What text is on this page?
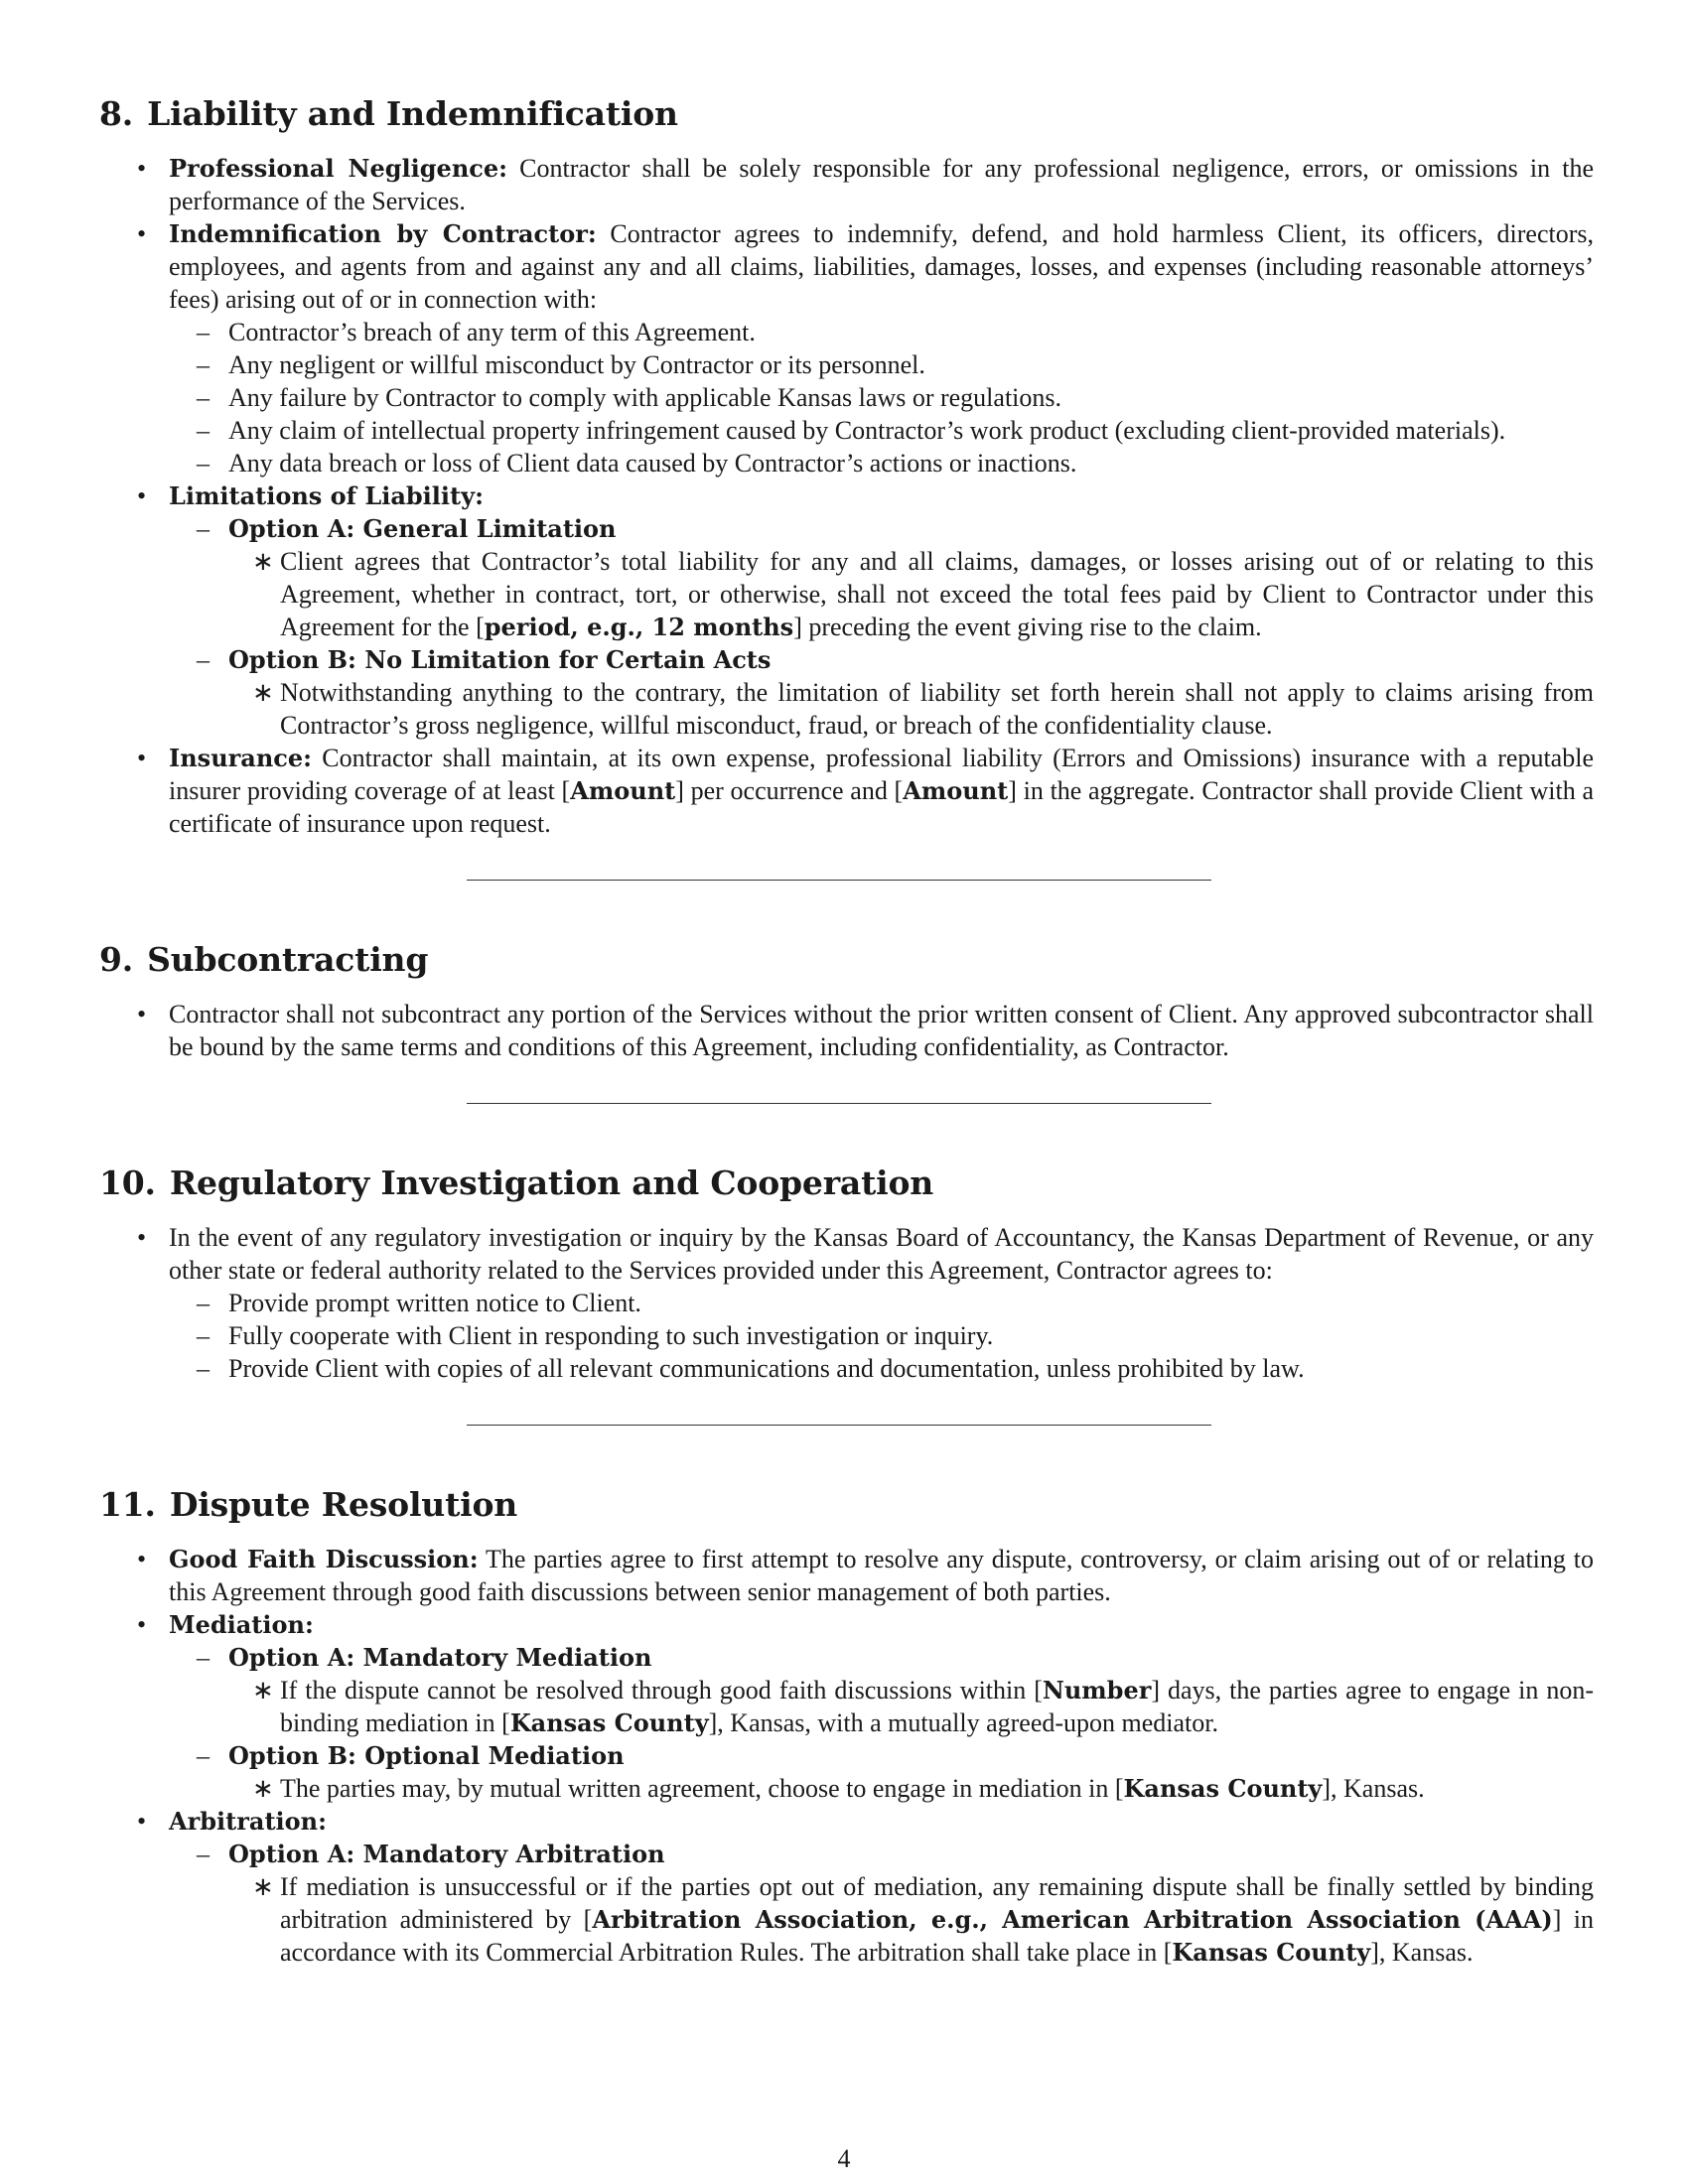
8. Liability and Indemnification
• Professional Negligence: Contractor shall be solely responsible for any professional negligence, errors, or omissions in the performance of the Services.
• Indemnification by Contractor: Contractor agrees to indemnify, defend, and hold harmless Client, its officers, directors, employees, and agents from and against any and all claims, liabilities, damages, losses, and expenses (including reasonable attorneys’ fees) arising out of or in connection with:
– Contractor’s breach of any term of this Agreement.
– Any negligent or willful misconduct by Contractor or its personnel.
– Any failure by Contractor to comply with applicable Kansas laws or regulations.
– Any claim of intellectual property infringement caused by Contractor’s work product (excluding client-provided materials).
– Any data breach or loss of Client data caused by Contractor’s actions or inactions.
• Limitations of Liability:
– Option A: General Limitation
∗ Client agrees that Contractor’s total liability for any and all claims, damages, or losses arising out of or relating to this Agreement, whether in contract, tort, or otherwise, shall not exceed the total fees paid by Client to Contractor under this Agreement for the [period, e.g., 12 months] preceding the event giving rise to the claim.
– Option B: No Limitation for Certain Acts
∗ Notwithstanding anything to the contrary, the limitation of liability set forth herein shall not apply to claims arising from Contractor’s gross negligence, willful misconduct, fraud, or breach of the confidentiality clause.
• Insurance: Contractor shall maintain, at its own expense, professional liability (Errors and Omissions) insurance with a reputable insurer providing coverage of at least [Amount] per occurrence and [Amount] in the aggregate. Contractor shall provide Client with a certificate of insurance upon request.
9. Subcontracting
• Contractor shall not subcontract any portion of the Services without the prior written consent of Client. Any approved subcontractor shall be bound by the same terms and conditions of this Agreement, including confidentiality, as Contractor.
10. Regulatory Investigation and Cooperation
• In the event of any regulatory investigation or inquiry by the Kansas Board of Accountancy, the Kansas Department of Revenue, or any other state or federal authority related to the Services provided under this Agreement, Contractor agrees to:
– Provide prompt written notice to Client.
– Fully cooperate with Client in responding to such investigation or inquiry.
– Provide Client with copies of all relevant communications and documentation, unless prohibited by law.
11. Dispute Resolution
• Good Faith Discussion: The parties agree to first attempt to resolve any dispute, controversy, or claim arising out of or relating to this Agreement through good faith discussions between senior management of both parties.
• Mediation:
– Option A: Mandatory Mediation
∗ If the dispute cannot be resolved through good faith discussions within [Number] days, the parties agree to engage in non-binding mediation in [Kansas County], Kansas, with a mutually agreed-upon mediator.
– Option B: Optional Mediation
∗ The parties may, by mutual written agreement, choose to engage in mediation in [Kansas County], Kansas.
• Arbitration:
– Option A: Mandatory Arbitration
∗ If mediation is unsuccessful or if the parties opt out of mediation, any remaining dispute shall be finally settled by binding arbitration administered by [Arbitration Association, e.g., American Arbitration Association (AAA)] in accordance with its Commercial Arbitration Rules. The arbitration shall take place in [Kansas County], Kansas.
4
